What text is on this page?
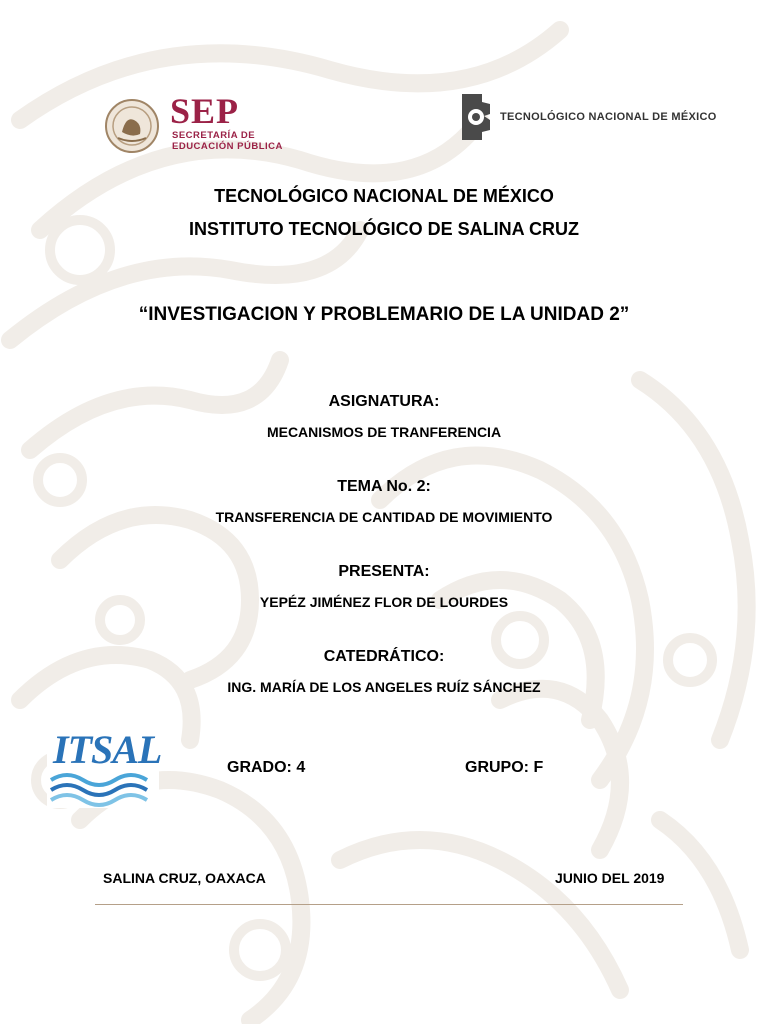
SEP
SECRETARÍA DE
EDUCACIÓN PÚBLICA
TECNOLÓGICO NACIONAL DE MÉXICO
TECNOLÓGICO NACIONAL DE MÉXICO
INSTITUTO TECNOLÓGICO DE SALINA CRUZ
“INVESTIGACION Y PROBLEMARIO DE LA UNIDAD 2”
ASIGNATURA:
MECANISMOS DE TRANFERENCIA
TEMA No. 2:
TRANSFERENCIA DE CANTIDAD DE MOVIMIENTO
PRESENTA:
YEPÉZ JIMÉNEZ FLOR DE LOURDES
CATEDRÁTICO:
ING. MARÍA DE LOS ANGELES RUÍZ SÁNCHEZ
ITSAL	GRADO: 4	GRUPO: F
SALINA CRUZ, OAXACA	JUNIO DEL 2019
